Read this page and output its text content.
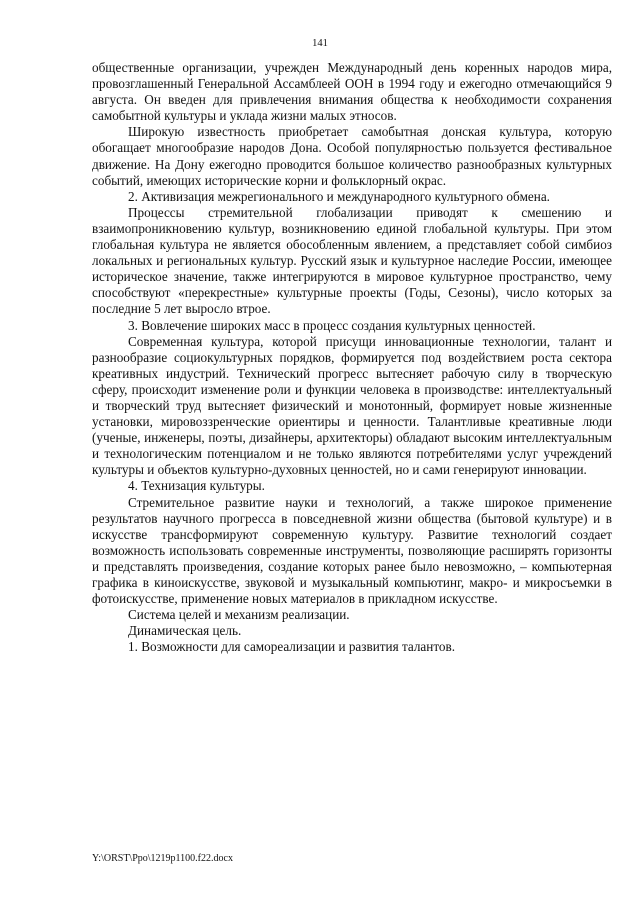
141

общественные организации, учрежден Международный день коренных народов мира, провозглашенный Генеральной Ассамблеей ООН в 1994 году и ежегодно отмечающийся 9 августа. Он введен для привлечения внимания общества к необходимости сохранения самобытной культуры и уклада жизни малых этносов.

Широкую известность приобретает самобытная донская культура, которую обогащает многообразие народов Дона. Особой популярностью пользуется фестивальное движение. На Дону ежегодно проводится большое количество разнообразных культурных событий, имеющих исторические корни и фольклорный окрас.

2. Активизация межрегионального и международного культурного обмена.

Процессы стремительной глобализации приводят к смешению и взаимопроникновению культур, возникновению единой глобальной культуры. При этом глобальная культура не является обособленным явлением, а представляет собой симбиоз локальных и региональных культур. Русский язык и культурное наследие России, имеющее историческое значение, также интегрируются в мировое культурное пространство, чему способствуют «перекрестные» культурные проекты (Годы, Сезоны), число которых за последние 5 лет выросло втрое.

3. Вовлечение широких масс в процесс создания культурных ценностей.

Современная культура, которой присущи инновационные технологии, талант и разнообразие социокультурных порядков, формируется под воздействием роста сектора креативных индустрий. Технический прогресс вытесняет рабочую силу в творческую сферу, происходит изменение роли и функции человека в производстве: интеллектуальный и творческий труд вытесняет физический и монотонный, формирует новые жизненные установки, мировоззренческие ориентиры и ценности. Талантливые креативные люди (ученые, инженеры, поэты, дизайнеры, архитекторы) обладают высоким интеллектуальным и технологическим потенциалом и не только являются потребителями услуг учреждений культуры и объектов культурно-духовных ценностей, но и сами генерируют инновации.

4. Технизация культуры.

Стремительное развитие науки и технологий, а также широкое применение результатов научного прогресса в повседневной жизни общества (бытовой культуре) и в искусстве трансформируют современную культуру. Развитие технологий создает возможность использовать современные инструменты, позволяющие расширять горизонты и представлять произведения, создание которых ранее было невозможно, – компьютерная графика в киноискусстве, звуковой и музыкальный компьютинг, макро- и микросъемки в фотоискусстве, применение новых материалов в прикладном искусстве.

Система целей и механизм реализации.

Динамическая цель.

1. Возможности для самореализации и развития талантов.

Y:\ORST\Ppo\1219p1100.f22.docx
